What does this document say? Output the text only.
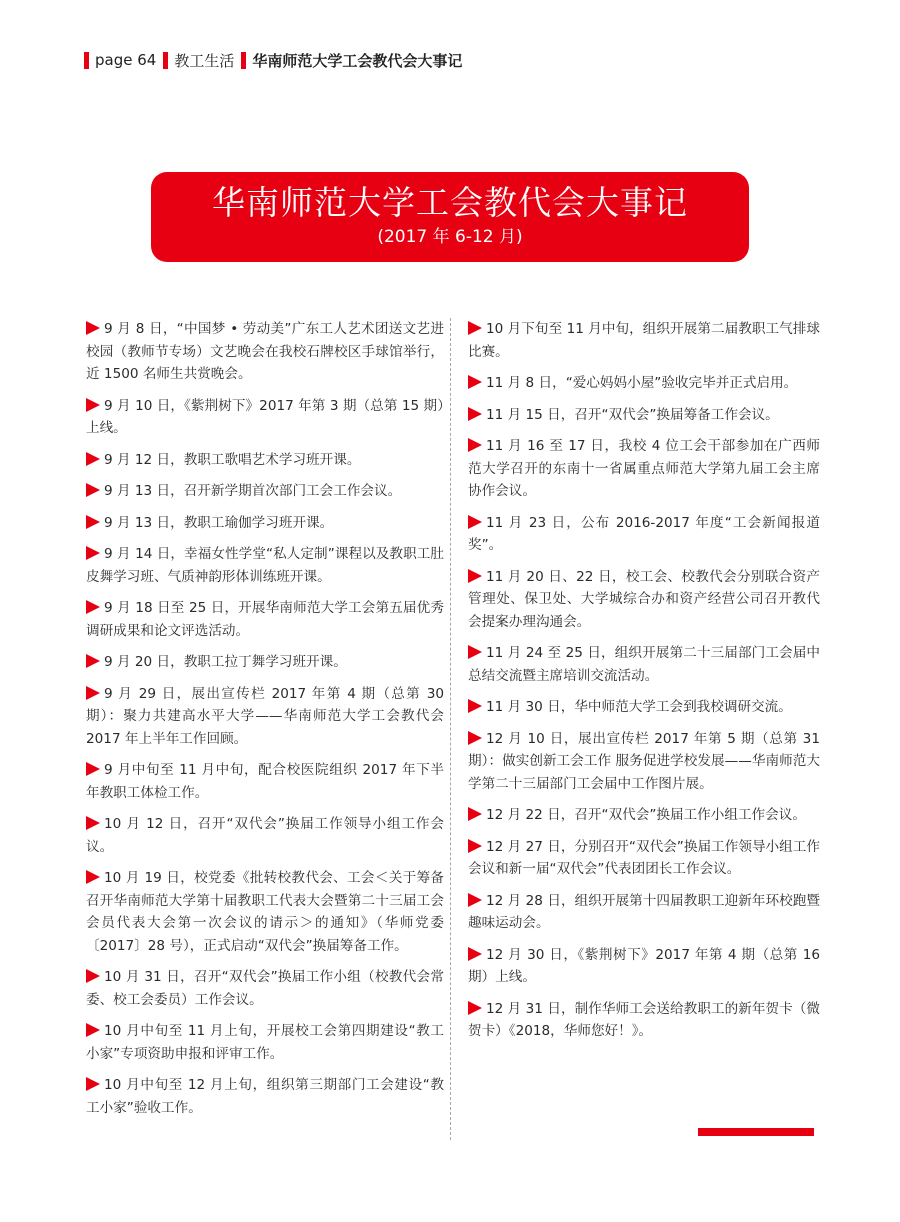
page 64 教工生活 华南师范大学工会教代会大事记
华南师范大学工会教代会大事记
(2017 年 6-12 月)

9 月 8 日，“中国梦 • 劳动美”广东工人艺术团送文艺进校园（教师节专场）文艺晚会在我校石牌校区手球馆举行，近 1500 名师生共赏晚会。

9 月 10 日，《紫荆树下》2017 年第 3 期（总第 15 期）上线。

9 月 12 日，教职工歌唱艺术学习班开课。

9 月 13 日，召开新学期首次部门工会工作会议。

9 月 13 日，教职工瑜伽学习班开课。

9 月 14 日，幸福女性学堂“私人定制”课程以及教职工肚皮舞学习班、气质神韵形体训练班开课。

9 月 18 日至 25 日，开展华南师范大学工会第五届优秀调研成果和论文评选活动。

9 月 20 日，教职工拉丁舞学习班开课。

9 月 29 日，展出宣传栏 2017 年第 4 期（总第 30 期）：聚力共建高水平大学——华南师范大学工会教代会 2017 年上半年工作回顾。

9 月中旬至 11 月中旬，配合校医院组织 2017 年下半年教职工体检工作。

10 月 12 日，召开“双代会”换届工作领导小组工作会议。

10 月 19 日，校党委《批转校教代会、工会＜关于筹备召开华南师范大学第十届教职工代表大会暨第二十三届工会会员代表大会第一次会议的请示＞的通知》（华师党委〔2017〕28 号），正式启动“双代会”换届筹备工作。

10 月 31 日，召开“双代会”换届工作小组（校教代会常委、校工会委员）工作会议。

10 月中旬至 11 月上旬，开展校工会第四期建设“教工小家”专项资助申报和评审工作。

10 月中旬至 12 月上旬，组织第三期部门工会建设“教工小家”验收工作。

10 月下旬至 11 月中旬，组织开展第二届教职工气排球比赛。

11 月 8 日，“爱心妈妈小屋”验收完毕并正式启用。

11 月 15 日，召开“双代会”换届筹备工作会议。

11 月 16 至 17 日，我校 4 位工会干部参加在广西师范大学召开的东南十一省属重点师范大学第九届工会主席协作会议。

11 月 23 日，公布 2016-2017 年度“工会新闻报道奖”。

11 月 20 日、22 日，校工会、校教代会分别联合资产管理处、保卫处、大学城综合办和资产经营公司召开教代会提案办理沟通会。

11 月 24 至 25 日，组织开展第二十三届部门工会届中总结交流暨主席培训交流活动。

11 月 30 日，华中师范大学工会到我校调研交流。

12 月 10 日，展出宣传栏 2017 年第 5 期（总第 31 期）：做实创新工会工作 服务促进学校发展——华南师范大学第二十三届部门工会届中工作图片展。

12 月 22 日，召开“双代会”换届工作小组工作会议。

12 月 27 日，分别召开“双代会”换届工作领导小组工作会议和新一届“双代会”代表团团长工作会议。

12 月 28 日，组织开展第十四届教职工迎新年环校跑暨趣味运动会。

12 月 30 日，《紫荆树下》2017 年第 4 期（总第 16 期）上线。

12 月 31 日，制作华师工会送给教职工的新年贺卡（微贺卡）《2018，华师您好！》。
